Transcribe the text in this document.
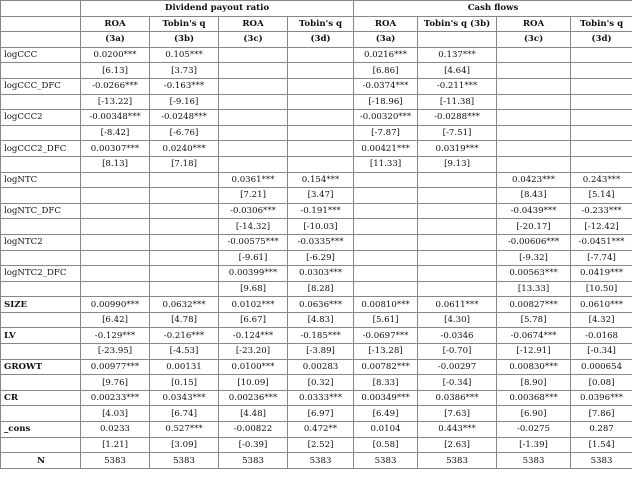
	Dividend payout ratio				Cash flows			
	ROA	Tobin's q	ROA	Tobin's q	ROA	Tobin's q (3b)	ROA	Tobin's q
	(3a)	(3b)	(3c)	(3d)	(3a)		(3c)	(3d)
logCCC	0.0200***	0.105***			0.0216***	0.137***		
	[6.13]	[3.73]			[6.86]	[4.64]		
logCCC_DFC	-0.0266***	-0.163***			-0.0374***	-0.211***		
	[-13.22]	[-9.16]			[-18.96]	[-11.38]		
logCCC2	-0.00348***	-0.0248***			-0.00320***	-0.0288***		
	[-8.42]	[-6.76]			[-7.87]	[-7.51]		
logCCC2_DFC	0.00307***	0.0240***			0.00421***	0.0319***		
	[8.13]	[7.18]			[11.33]	[9.13]		
logNTC			0.0361***	0.154***			0.0423***	0.243***
			[7.21]	[3.47]			[8.43]	[5.14]
logNTC_DFC			-0.0306***	-0.191***			-0.0439***	-0.233***
			[-14.32]	[-10.03]			[-20.17]	[-12.42]
logNTC2			-0.00575***	-0.0335***			-0.00606***	-0.0451***
			[-9.61]	[-6.29]			[-9.32]	[-7.74]
logNTC2_DFC			0.00399***	0.0303***			0.00563***	0.0419***
			[9.68]	[8.28]			[13.33]	[10.50]
SIZE	0.00990***	0.0632***	0.0102***	0.0636***	0.00810***	0.0611***	0.00827***	0.0610***
	[6.42]	[4.78]	[6.67]	[4.83]	[5.61]	[4.30]	[5.78]	[4.32]
LV	-0.129***	-0.216***	-0.124***	-0.185***	-0.0697***	-0.0346	-0.0674***	-0.0168
	[-23.95]	[-4.53]	[-23.20]	[-3.89]	[-13.28]	[-0.70]	[-12.91]	[-0.34]
GROWT	0.00977***	0.00131	0.0100***	0.00283	0.00782***	-0.00297	0.00830***	0.000654
	[9.76]	[0.15]	[10.09]	[0.32]	[8.33]	[-0.34]	[8.90]	[0.08]
CR	0.00233***	0.0343***	0.00236***	0.0333***	0.00349***	0.0386***	0.00368***	0.0396***
	[4.03]	[6.74]	[4.48]	[6.97]	[6.49]	[7.63]	[6.90]	[7.86]
_cons	0.0233	0.527***	-0.00822	0.472**	0.0104	0.443***	-0.0275	0.287
	[1.21]	[3.09]	[-0.39]	[2.52]	[0.58]	[2.63]	[-1.39]	[1.54]
N	5383	5383	5383	5383	5383	5383	5383	5383
